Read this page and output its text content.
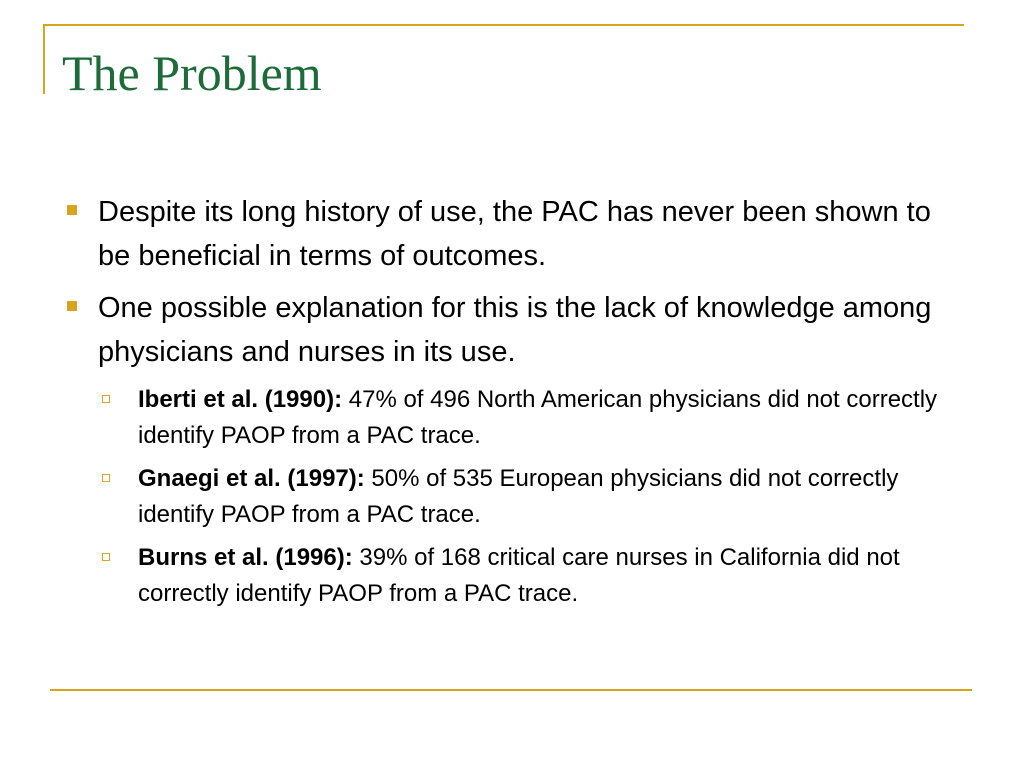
The Problem
Despite its long history of use, the PAC has never been shown to be beneficial in terms of outcomes.
One possible explanation for this is the lack of knowledge among physicians and nurses in its use.
Iberti et al. (1990): 47% of 496 North American physicians did not correctly identify PAOP from a PAC trace.
Gnaegi et al. (1997): 50% of 535 European physicians did not correctly identify PAOP from a PAC trace.
Burns et al. (1996): 39% of 168 critical care nurses in California did not correctly identify PAOP from a PAC trace.
